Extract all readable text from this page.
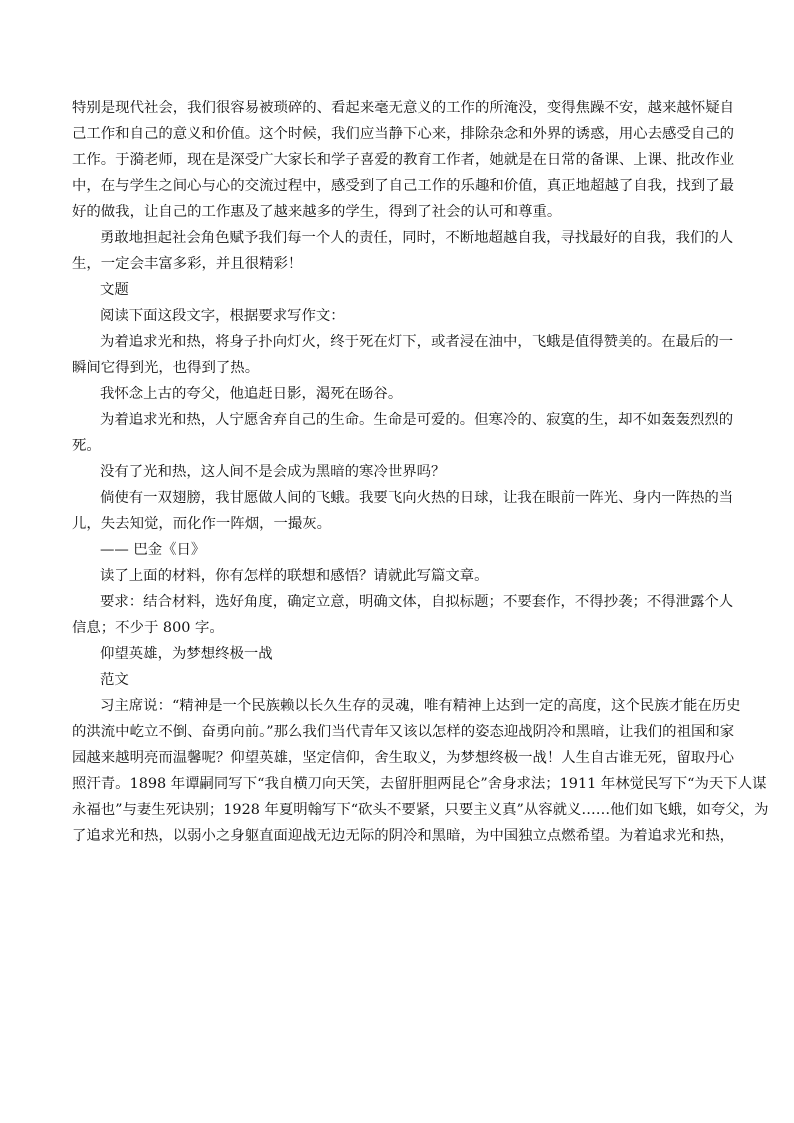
特别是现代社会，我们很容易被琐碎的、看起来毫无意义的工作的所淹没，变得焦躁不安，越来越怀疑自

己工作和自己的意义和价值。这个时候，我们应当静下心来，排除杂念和外界的诱惑，用心去感受自己的

工作。于漪老师，现在是深受广大家长和学子喜爱的教育工作者，她就是在日常的备课、上课、批改作业

中，在与学生之间心与心的交流过程中，感受到了自己工作的乐趣和价值，真正地超越了自我，找到了最

好的做我，让自己的工作惠及了越来越多的学生，得到了社会的认可和尊重。

勇敢地担起社会角色赋予我们每一个人的责任，同时，不断地超越自我，寻找最好的自我，我们的人

生，一定会丰富多彩，并且很精彩！

文题

阅读下面这段文字，根据要求写作文：

为着追求光和热，将身子扑向灯火，终于死在灯下，或者浸在油中，飞蛾是值得赞美的。在最后的一

瞬间它得到光，也得到了热。

我怀念上古的夸父，他追赶日影，渴死在旸谷。

为着追求光和热，人宁愿舍弃自己的生命。生命是可爱的。但寒冷的、寂寞的生，却不如轰轰烈烈的

死。

没有了光和热，这人间不是会成为黑暗的寒冷世界吗？

倘使有一双翅膀，我甘愿做人间的飞蛾。我要飞向火热的日球，让我在眼前一阵光、身内一阵热的当

儿，失去知觉，而化作一阵烟，一撮灰。

—— 巴金《日》

读了上面的材料，你有怎样的联想和感悟？请就此写篇文章。

要求：结合材料，选好角度，确定立意，明确文体，自拟标题；不要套作，不得抄袭；不得泄露个人

信息；不少于 800 字。

仰望英雄，为梦想终极一战

范文

习主席说：“精神是一个民族赖以长久生存的灵魂，唯有精神上达到一定的高度，这个民族才能在历史

的洪流中屹立不倒、奋勇向前。”那么我们当代青年又该以怎样的姿态迎战阴冷和黑暗，让我们的祖国和家

园越来越明亮而温馨呢？仰望英雄，坚定信仰，舍生取义，为梦想终极一战！人生自古谁无死，留取丹心

照汗青。1898 年谭嗣同写下“我自横刀向天笑，去留肝胆两昆仑”舍身求法；1911 年林觉民写下“为天下人谋

永福也”与妻生死诀别；1928 年夏明翰写下“砍头不要紧，只要主义真”从容就义……他们如飞蛾，如夸父，为

了追求光和热，以弱小之身躯直面迎战无边无际的阴冷和黑暗，为中国独立点燃希望。为着追求光和热，
